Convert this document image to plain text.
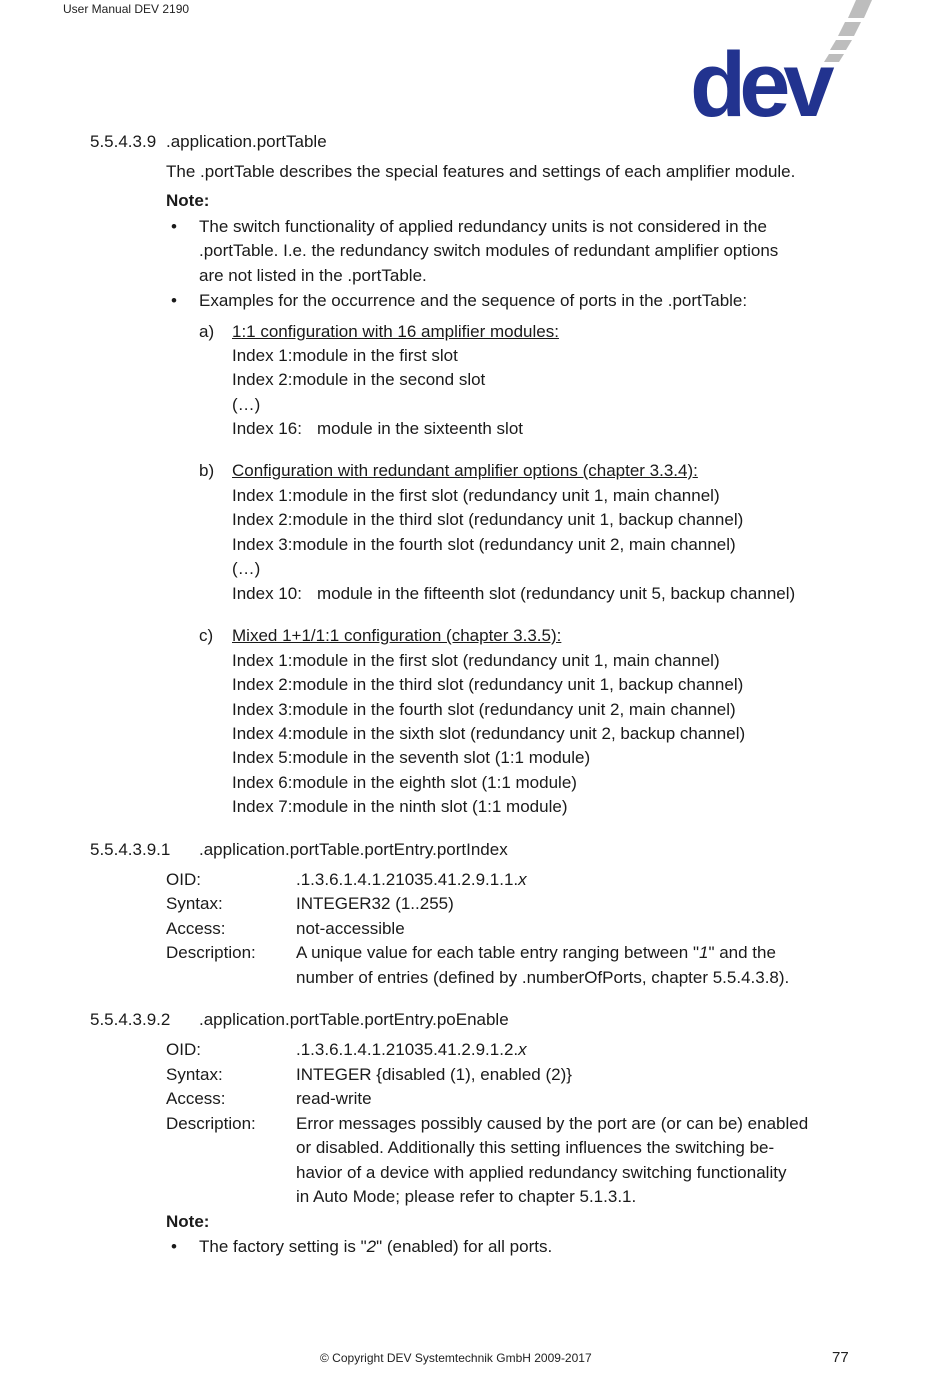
User Manual DEV 2190
dev
5.5.4.3.9 .application.portTable
The .portTable describes the special features and settings of each amplifier module.
Note:
• The switch functionality of applied redundancy units is not considered in the
.portTable. I.e. the redundancy switch modules of redundant amplifier options
are not listed in the .portTable.
• Examples for the occurrence and the sequence of ports in the .portTable:
a) 1:1 configuration with 16 amplifier modules:
Index 1:module in the first slot
Index 2:module in the second slot
(…)
Index 16: module in the sixteenth slot
b) Configuration with redundant amplifier options (chapter 3.3.4):
Index 1:module in the first slot (redundancy unit 1, main channel)
Index 2:module in the third slot (redundancy unit 1, backup channel)
Index 3:module in the fourth slot (redundancy unit 2, main channel)
(…)
Index 10: module in the fifteenth slot (redundancy unit 5, backup channel)
c) Mixed 1+1/1:1 configuration (chapter 3.3.5):
Index 1:module in the first slot (redundancy unit 1, main channel)
Index 2:module in the third slot (redundancy unit 1, backup channel)
Index 3:module in the fourth slot (redundancy unit 2, main channel)
Index 4:module in the sixth slot (redundancy unit 2, backup channel)
Index 5:module in the seventh slot (1:1 module)
Index 6:module in the eighth slot (1:1 module)
Index 7:module in the ninth slot (1:1 module)
5.5.4.3.9.1 .application.portTable.portEntry.portIndex
OID:	.1.3.6.1.4.1.21035.41.2.9.1.1.x
Syntax:	INTEGER32 (1..255)
Access:	not-accessible
Description: A unique value for each table entry ranging between "1" and the
number of entries (defined by .numberOfPorts, chapter 5.5.4.3.8).
5.5.4.3.9.2 .application.portTable.portEntry.poEnable
OID:	.1.3.6.1.4.1.21035.41.2.9.1.2.x
Syntax:	INTEGER {disabled (1), enabled (2)}
Access:	read-write
Description: Error messages possibly caused by the port are (or can be) enabled
or disabled. Additionally this setting influences the switching be-
havior of a device with applied redundancy switching functionality
in Auto Mode; please refer to chapter 5.1.3.1.
Note:
• The factory setting is "2" (enabled) for all ports.
© Copyright DEV Systemtechnik GmbH 2009-2017	77
